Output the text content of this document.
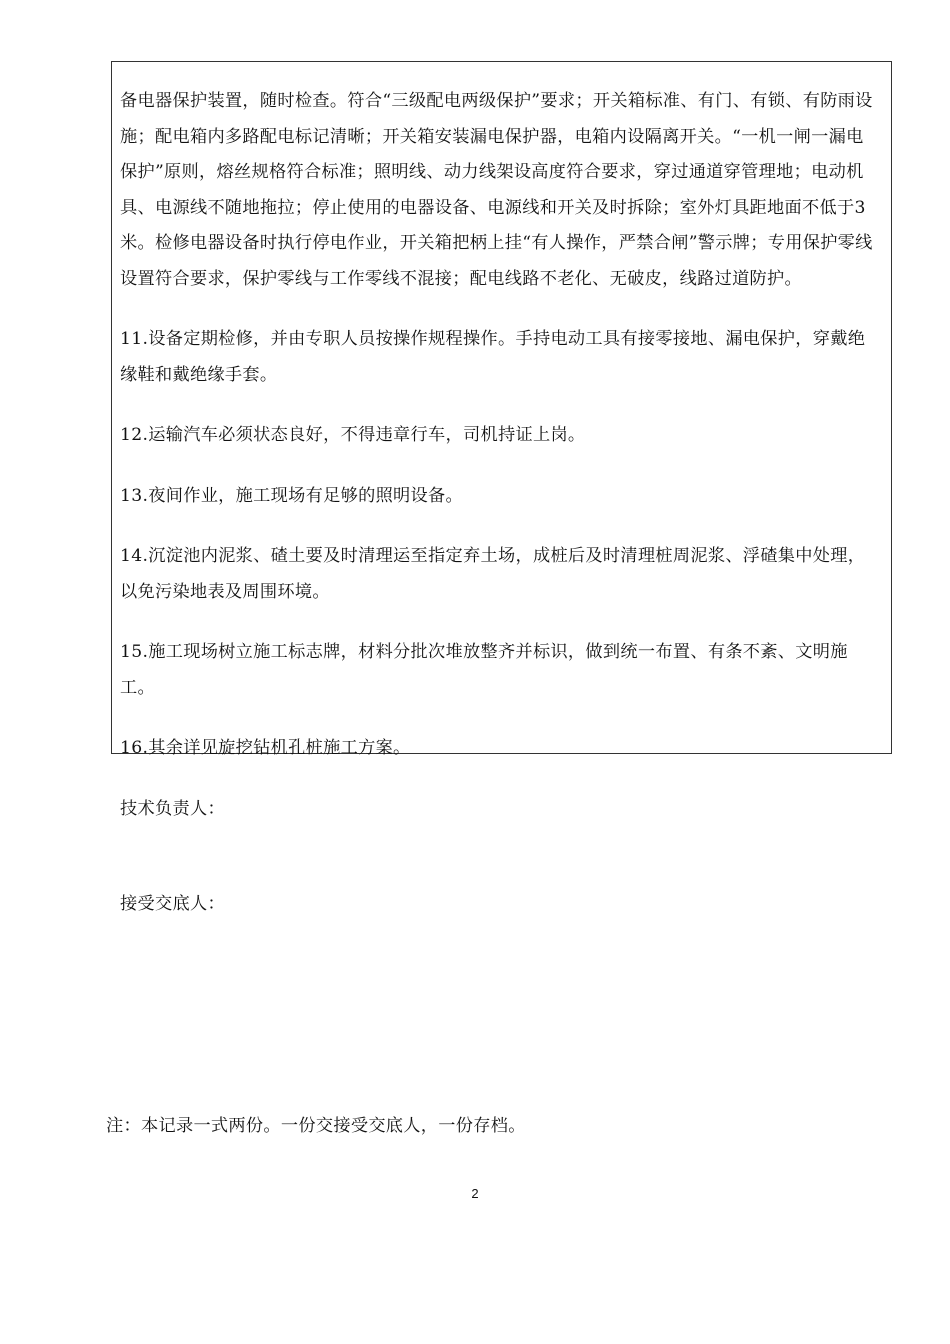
备电器保护装置，随时检查。符合“三级配电两级保护”要求；开关箱标准、有门、有锁、有防雨设施；配电箱内多路配电标记清晰；开关箱安装漏电保护器，电箱内设隔离开关。“一机一闸一漏电保护”原则，熔丝规格符合标准；照明线、动力线架设高度符合要求，穿过通道穿管理地；电动机具、电源线不随地拖拉；停止使用的电器设备、电源线和开关及时拆除；室外灯具距地面不低于3米。检修电器设备时执行停电作业，开关箱把柄上挂“有人操作，严禁合闸”警示牌；专用保护零线设置符合要求，保护零线与工作零线不混接；配电线路不老化、无破皮，线路过道防护。

11.设备定期检修，并由专职人员按操作规程操作。手持电动工具有接零接地、漏电保护，穿戴绝缘鞋和戴绝缘手套。

12.运输汽车必须状态良好，不得违章行车，司机持证上岗。

13.夜间作业，施工现场有足够的照明设备。

14.沉淀池内泥浆、碴土要及时清理运至指定弃土场，成桩后及时清理桩周泥浆、浮碴集中处理，以免污染地表及周围环境。

15.施工现场树立施工标志牌，材料分批次堆放整齐并标识，做到统一布置、有条不紊、文明施工。

16.其余详见旋挖钻机孔桩施工方案。

技术负责人：

接受交底人：

注：本记录一式两份。一份交接受交底人，一份存档。
2
